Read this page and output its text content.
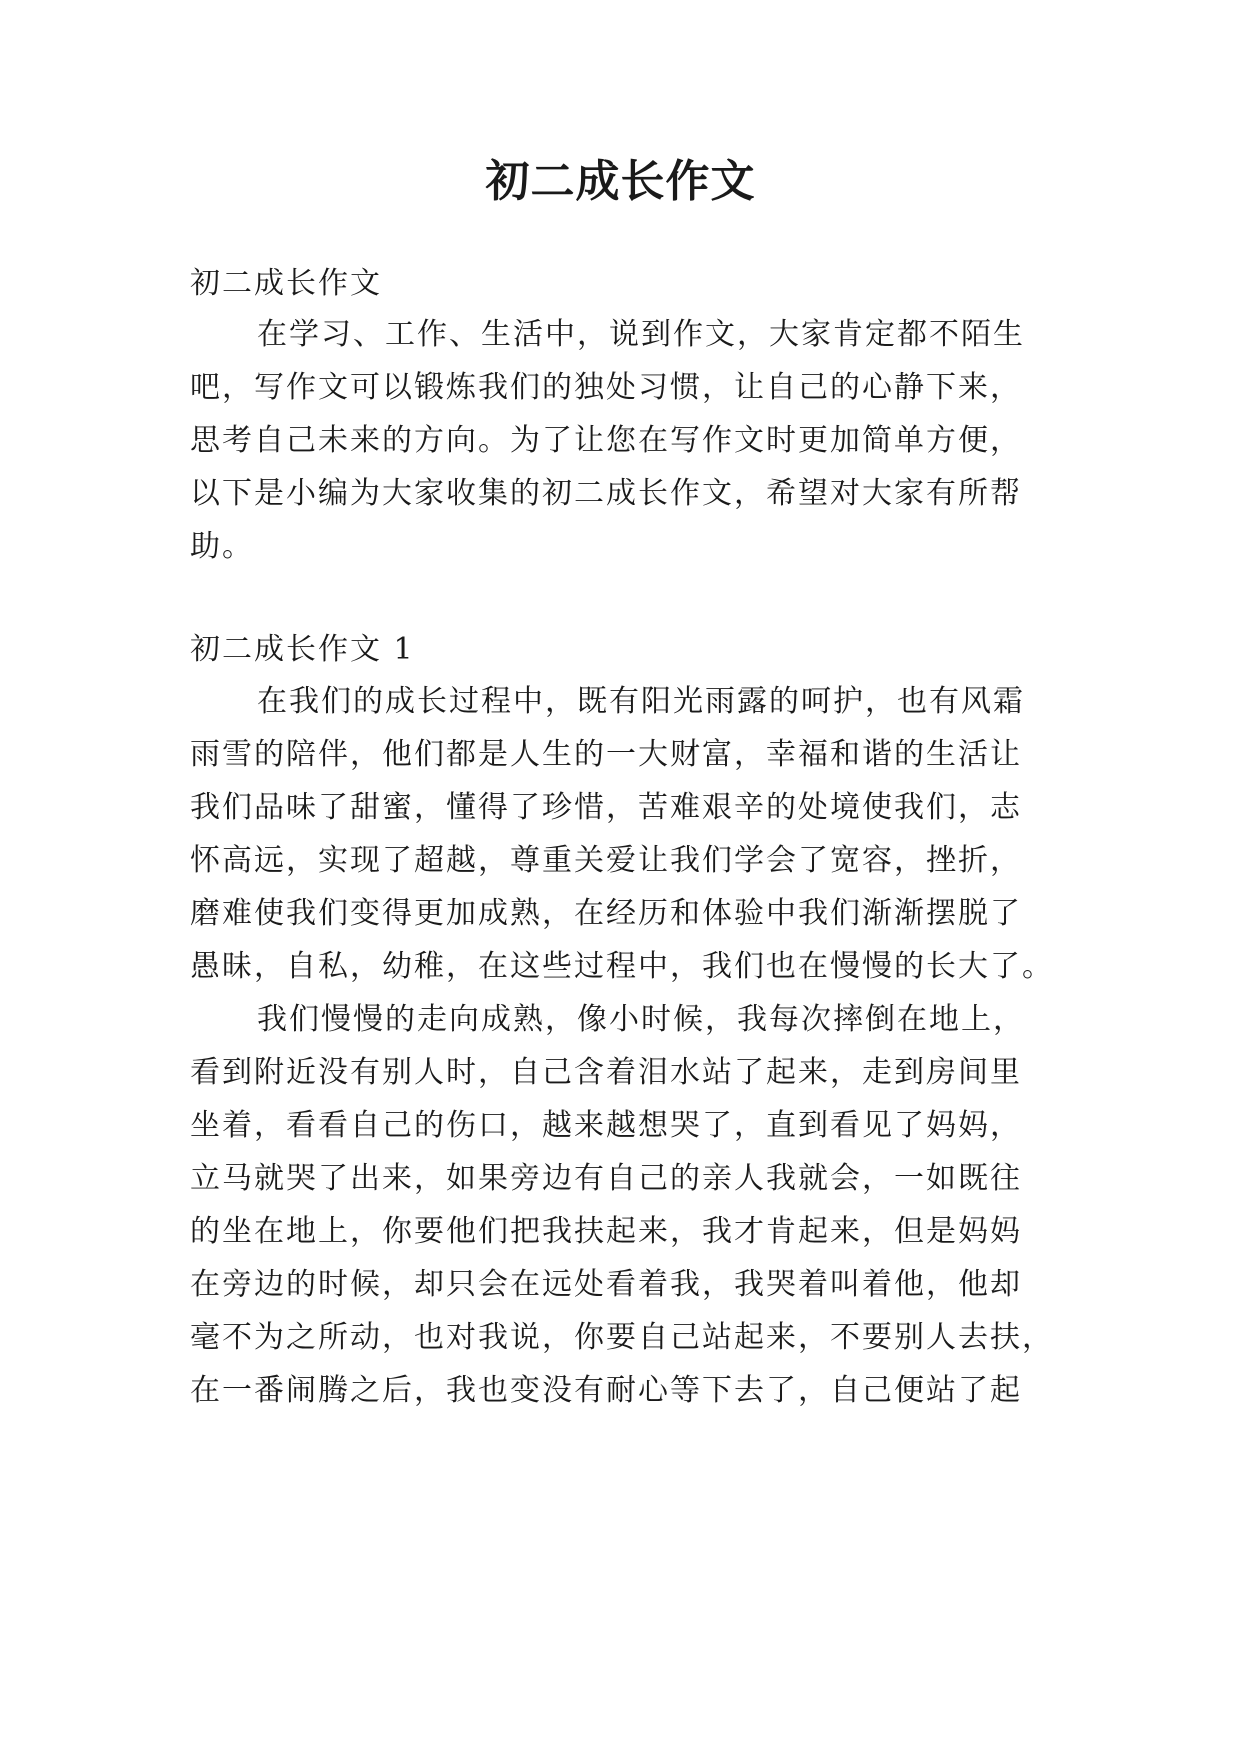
初二成长作文

初二成长作文

在学习、工作、生活中，说到作文，大家肯定都不陌生

吧，写作文可以锻炼我们的独处习惯，让自己的心静下来，

思考自己未来的方向。为了让您在写作文时更加简单方便，

以下是小编为大家收集的初二成长作文，希望对大家有所帮

助。

初二成长作文 1

在我们的成长过程中，既有阳光雨露的呵护，也有风霜

雨雪的陪伴，他们都是人生的一大财富，幸福和谐的生活让

我们品味了甜蜜，懂得了珍惜，苦难艰辛的处境使我们，志

怀高远，实现了超越，尊重关爱让我们学会了宽容，挫折，

磨难使我们变得更加成熟，在经历和体验中我们渐渐摆脱了

愚昧，自私，幼稚，在这些过程中，我们也在慢慢的长大了。

我们慢慢的走向成熟，像小时候，我每次摔倒在地上，

看到附近没有别人时，自己含着泪水站了起来，走到房间里

坐着，看看自己的伤口，越来越想哭了，直到看见了妈妈，

立马就哭了出来，如果旁边有自己的亲人我就会，一如既往

的坐在地上，你要他们把我扶起来，我才肯起来，但是妈妈

在旁边的时候，却只会在远处看着我，我哭着叫着他，他却

毫不为之所动，也对我说，你要自己站起来，不要别人去扶，

在一番闹腾之后，我也变没有耐心等下去了，自己便站了起
